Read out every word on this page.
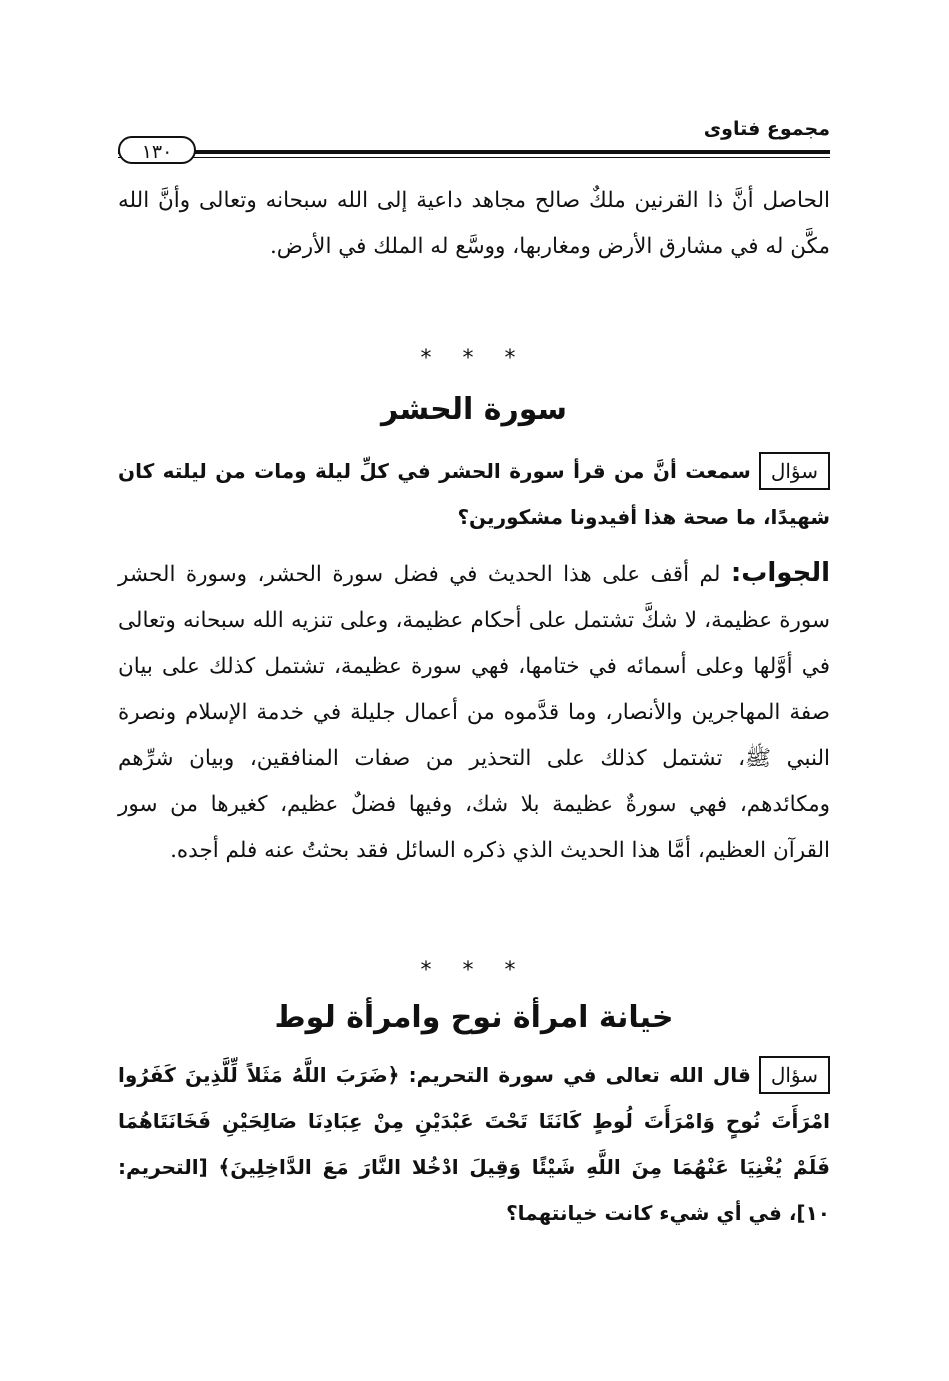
مجموع فتاوى
١٣٠
الحاصل أنَّ ذا القرنين ملكٌ صالح مجاهد داعية إلى الله سبحانه وتعالى وأنَّ الله مكَّن له في مشارق الأرض ومغاربها، ووسَّع له الملك في الأرض.
* * *
سورة الحشر
سؤالسمعت أنَّ من قرأ سورة الحشر في كلِّ ليلة ومات من ليلته كان شهيدًا، ما صحة هذا أفيدونا مشكورين؟
الجواب: لم أقف على هذا الحديث في فضل سورة الحشر، وسورة الحشر سورة عظيمة، لا شكَّ تشتمل على أحكام عظيمة، وعلى تنزيه الله سبحانه وتعالى في أوَّلها وعلى أسمائه في ختامها، فهي سورة عظيمة، تشتمل كذلك على بيان صفة المهاجرين والأنصار، وما قدَّموه من أعمال جليلة في خدمة الإسلام ونصرة النبي ﷺ، تشتمل كذلك على التحذير من صفات المنافقين، وبيان شرِّهم ومكائدهم، فهي سورةٌ عظيمة بلا شك، وفيها فضلٌ عظيم، كغيرها من سور القرآن العظيم، أمَّا هذا الحديث الذي ذكره السائل فقد بحثتُ عنه فلم أجده.
* * *
خيانة امرأة نوح وامرأة لوط
سؤالقال الله تعالى في سورة التحريم: ﴿ضَرَبَ اللَّهُ مَثَلاً لِّلَّذِينَ كَفَرُوا امْرَأَتَ نُوحٍ وَامْرَأَتَ لُوطٍ كَانَتَا تَحْتَ عَبْدَيْنِ مِنْ عِبَادِنَا صَالِحَيْنِ فَخَانَتَاهُمَا فَلَمْ يُغْنِيَا عَنْهُمَا مِنَ اللَّهِ شَيْئًا وَقِيلَ ادْخُلا النَّارَ مَعَ الدَّاخِلِينَ﴾ [التحريم: ١٠]، في أي شيء كانت خيانتهما؟
